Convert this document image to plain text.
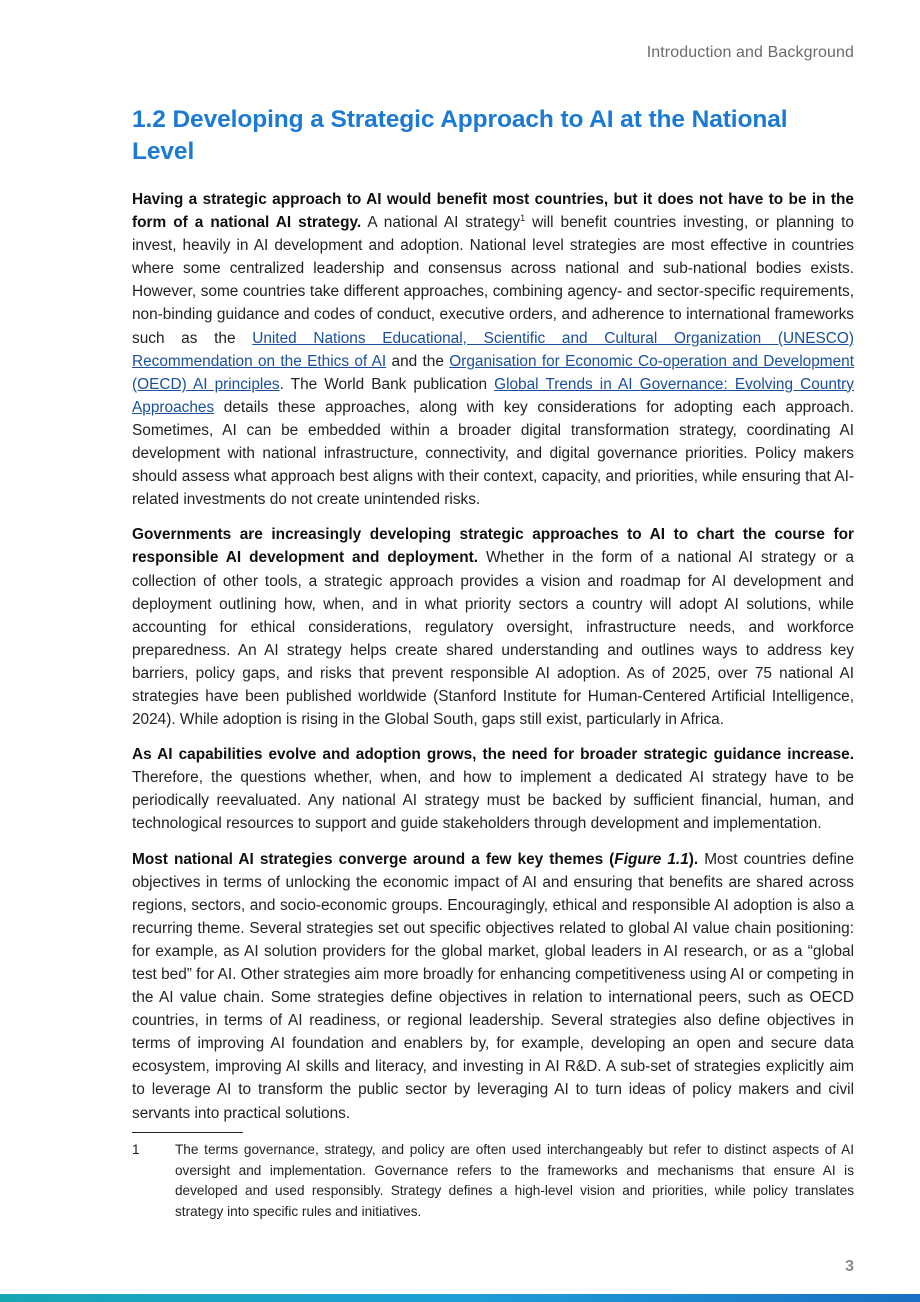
Introduction and Background
1.2 Developing a Strategic Approach to AI at the National Level

Having a strategic approach to AI would benefit most countries, but it does not have to be in the form of a national AI strategy. A national AI strategy$^1$ will benefit countries investing, or planning to invest, heavily in AI development and adoption. National level strategies are most effective in countries where some centralized leadership and consensus across national and sub-national bodies exists. However, some countries take different approaches, combining agency- and sector-specific requirements, non-binding guidance and codes of conduct, executive orders, and adherence to international frameworks such as the United Nations Educational, Scientific and Cultural Organization (UNESCO) Recommendation on the Ethics of AI and the Organisation for Economic Co-operation and Development (OECD) AI principles. The World Bank publication Global Trends in AI Governance: Evolving Country Approaches details these approaches, along with key considerations for adopting each approach. Sometimes, AI can be embedded within a broader digital transformation strategy, coordinating AI development with national infrastructure, connectivity, and digital governance priorities. Policy makers should assess what approach best aligns with their context, capacity, and priorities, while ensuring that AI-related investments do not create unintended risks.

Governments are increasingly developing strategic approaches to AI to chart the course for responsible AI development and deployment. Whether in the form of a national AI strategy or a collection of other tools, a strategic approach provides a vision and roadmap for AI development and deployment outlining how, when, and in what priority sectors a country will adopt AI solutions, while accounting for ethical considerations, regulatory oversight, infrastructure needs, and workforce preparedness. An AI strategy helps create shared understanding and outlines ways to address key barriers, policy gaps, and risks that prevent responsible AI adoption. As of 2025, over 75 national AI strategies have been published worldwide (Stanford Institute for Human-Centered Artificial Intelligence, 2024). While adoption is rising in the Global South, gaps still exist, particularly in Africa.

As AI capabilities evolve and adoption grows, the need for broader strategic guidance increase. Therefore, the questions whether, when, and how to implement a dedicated AI strategy have to be periodically reevaluated. Any national AI strategy must be backed by sufficient financial, human, and technological resources to support and guide stakeholders through development and implementation.

Most national AI strategies converge around a few key themes (Figure 1.1). Most countries define objectives in terms of unlocking the economic impact of AI and ensuring that benefits are shared across regions, sectors, and socio-economic groups. Encouragingly, ethical and responsible AI adoption is also a recurring theme. Several strategies set out specific objectives related to global AI value chain positioning: for example, as AI solution providers for the global market, global leaders in AI research, or as a “global test bed” for AI. Other strategies aim more broadly for enhancing competitiveness using AI or competing in the AI value chain. Some strategies define objectives in relation to international peers, such as OECD countries, in terms of AI readiness, or regional leadership. Several strategies also define objectives in terms of improving AI foundation and enablers by, for example, developing an open and secure data ecosystem, improving AI skills and literacy, and investing in AI R&D. A sub-set of strategies explicitly aim to leverage AI to transform the public sector by leveraging AI to turn ideas of policy makers and civil servants into practical solutions.

1	The terms governance, strategy, and policy are often used interchangeably but refer to distinct aspects of AI oversight and implementation. Governance refers to the frameworks and mechanisms that ensure AI is developed and used responsibly. Strategy defines a high-level vision and priorities, while policy translates strategy into specific rules and initiatives.
3
